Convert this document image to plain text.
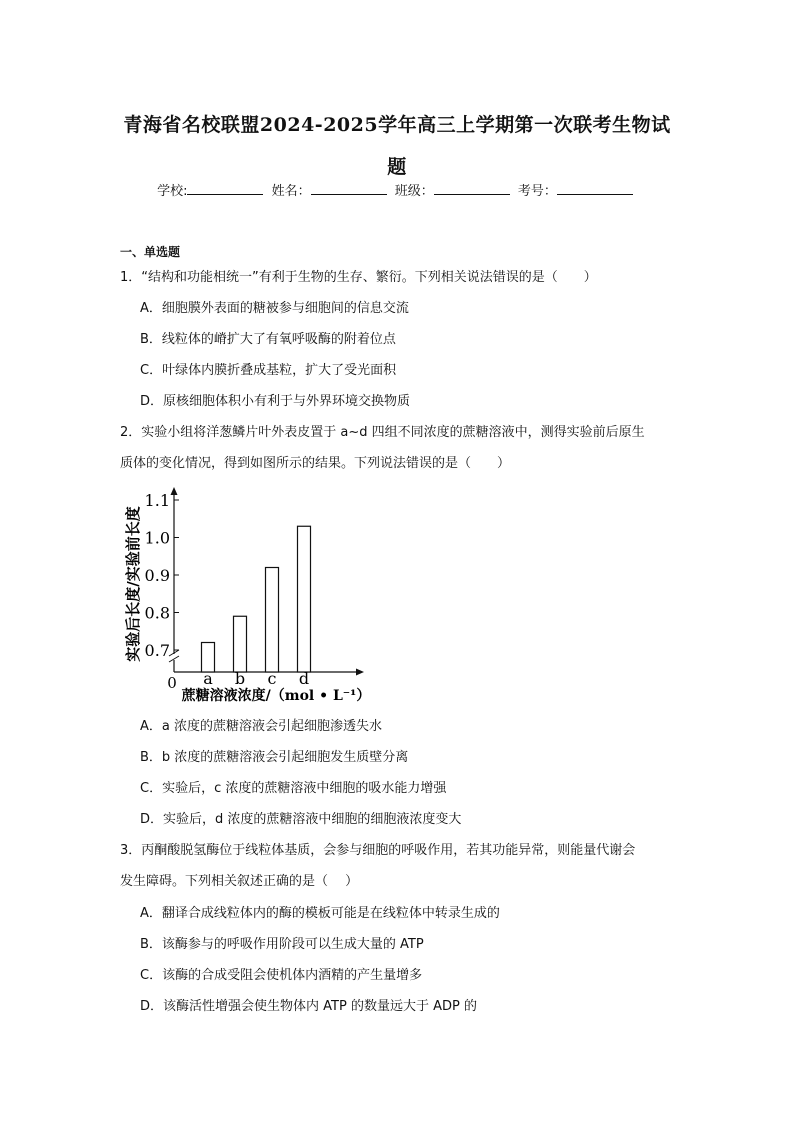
青海省名校联盟2024-2025学年高三上学期第一次联考生物试
题
学校:	姓名：	班级：	考号：
一、单选题
1．“结构和功能相统一”有利于生物的生存、繁衍。下列相关说法错误的是（　　）
A．细胞膜外表面的糖被参与细胞间的信息交流
B．线粒体的嵴扩大了有氧呼吸酶的附着位点
C．叶绿体内膜折叠成基粒，扩大了受光面积
D．原核细胞体积小有利于与外界环境交换物质
2．实验小组将洋葱鳞片叶外表皮置于 a~d 四组不同浓度的蔗糖溶液中，测得实验前后原生
质体的变化情况，得到如图所示的结果。下列说法错误的是（　　）
0
0.7
0.8
0.9
1.0
1.1
a b c d
实验后长度/实验前长度
蔗糖溶液浓度/（mol • L⁻¹）
A．a 浓度的蔗糖溶液会引起细胞渗透失水
B．b 浓度的蔗糖溶液会引起细胞发生质壁分离
C．实验后，c 浓度的蔗糖溶液中细胞的吸水能力增强
D．实验后，d 浓度的蔗糖溶液中细胞的细胞液浓度变大
3．丙酮酸脱氢酶位于线粒体基质，会参与细胞的呼吸作用，若其功能异常，则能量代谢会
发生障碍。下列相关叙述正确的是（　 ）
A．翻译合成线粒体内的酶的模板可能是在线粒体中转录生成的
B．该酶参与的呼吸作用阶段可以生成大量的 ATP
C．该酶的合成受阻会使机体内酒精的产生量增多
D．该酶活性增强会使生物体内 ATP 的数量远大于 ADP 的
